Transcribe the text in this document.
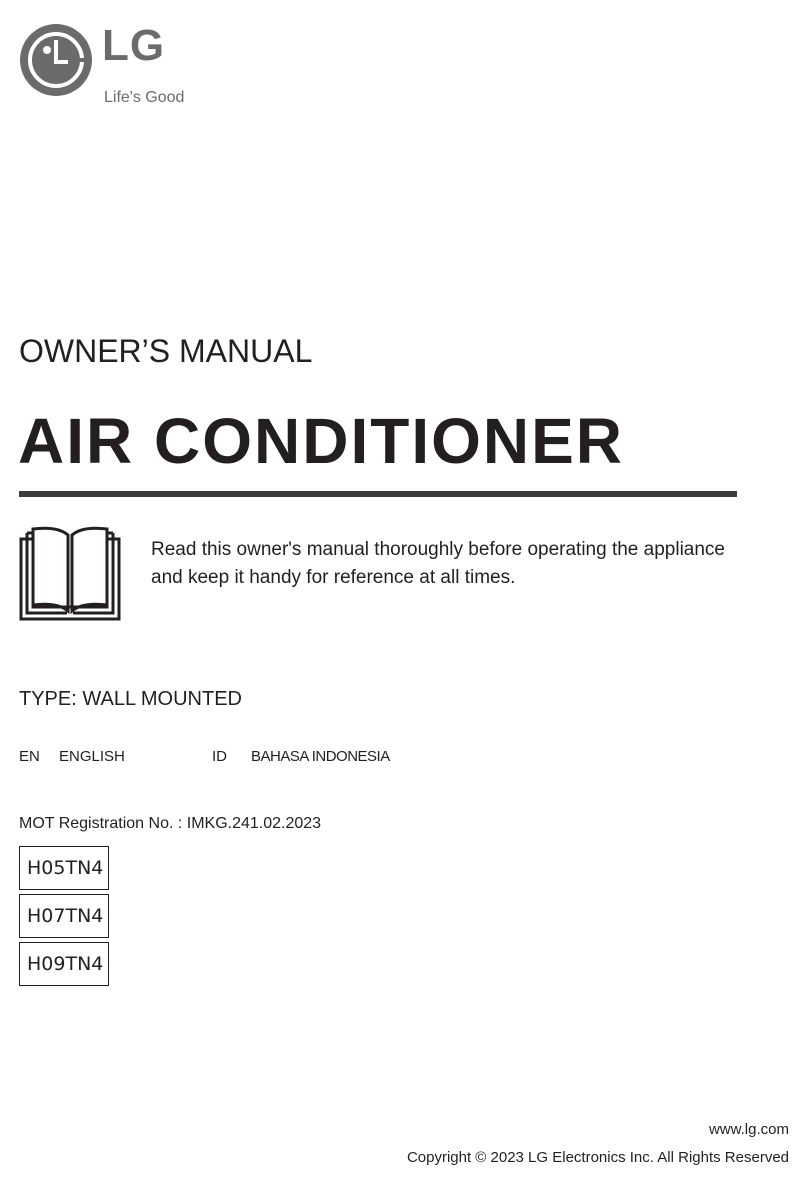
LG
Life's Good
OWNER’S MANUAL
AIR CONDITIONER
Read this owner's manual thoroughly before operating the appliance and keep it handy for reference at all times.
TYPE: WALL MOUNTED
EN ENGLISH	ID BAHASA INDONESIA
MOT Registration No. : IMKG.241.02.2023
H05TN4
H07TN4
H09TN4
www.lg.com
Copyright © 2023 LG Electronics Inc. All Rights Reserved
